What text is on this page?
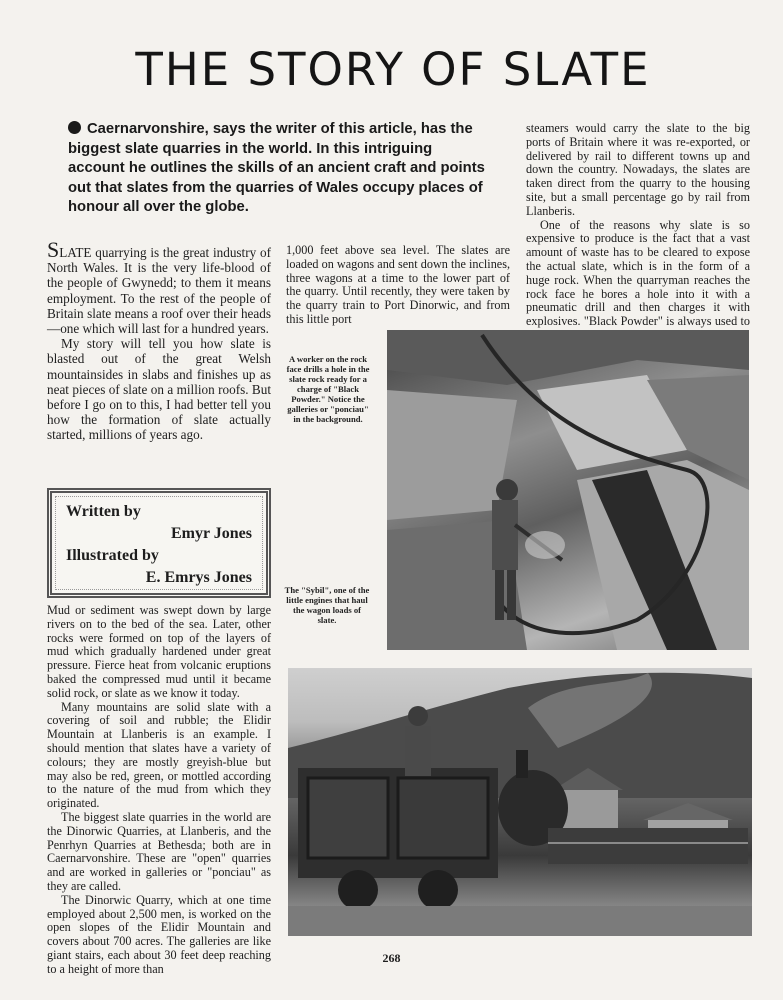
THE STORY OF SLATE

Caernarvonshire, says the writer of this article, has the biggest slate quarries in the world. In this intriguing account he outlines the skills of an ancient craft and points out that slates from the quarries of Wales occupy places of honour all over the globe.

SLATE quarrying is the great industry of North Wales. It is the very life-blood of the people of Gwynedd; to them it means employment. To the rest of the people of Britain slate means a roof over their heads—one which will last for a hundred years.

My story will tell you how slate is blasted out of the great Welsh mountainsides in slabs and finishes up as neat pieces of slate on a million roofs. But before I go on to this, I had better tell you how the formation of slate actually started, millions of years ago.

1,000 feet above sea level. The slates are loaded on wagons and sent down the inclines, three wagons at a time to the lower part of the quarry. Until recently, they were taken by the quarry train to Port Dinorwic, and from this little port

steamers would carry the slate to the big ports of Britain where it was re-exported, or delivered by rail to different towns up and down the country. Nowadays, the slates are taken direct from the quarry to the housing site, but a small percentage go by rail from Llanberis.

One of the reasons why slate is so expensive to produce is the fact that a vast amount of waste has to be cleared to expose the actual slate, which is in the form of a huge rock. When the quarryman reaches the rock face he bores a hole into it with a pneumatic drill and then charges it with explosives. "Black Powder" is always used to

Written by
Emyr Jones
Illustrated by
E. Emrys Jones

Mud or sediment was swept down by large rivers on to the bed of the sea. Later, other rocks were formed on top of the layers of mud which gradually hardened under great pressure. Fierce heat from volcanic eruptions baked the compressed mud until it became solid rock, or slate as we know it today.

Many mountains are solid slate with a covering of soil and rubble; the Elidir Mountain at Llanberis is an example. I should mention that slates have a variety of colours; they are mostly greyish-blue but may also be red, green, or mottled according to the nature of the mud from which they originated.

The biggest slate quarries in the world are the Dinorwic Quarries, at Llanberis, and the Penrhyn Quarries at Bethesda; both are in Caernarvonshire. These are "open" quarries and are worked in galleries or "ponciau" as they are called.

The Dinorwic Quarry, which at one time employed about 2,500 men, is worked on the open slopes of the Elidir Mountain and covers about 700 acres. The galleries are like giant stairs, each about 30 feet deep reaching to a height of more than

A worker on the rock face drills a hole in the slate rock ready for a charge of "Black Powder." Notice the galleries or "ponciau" in the background.

The "Sybil", one of the little engines that haul the wagon loads of slate.

268
